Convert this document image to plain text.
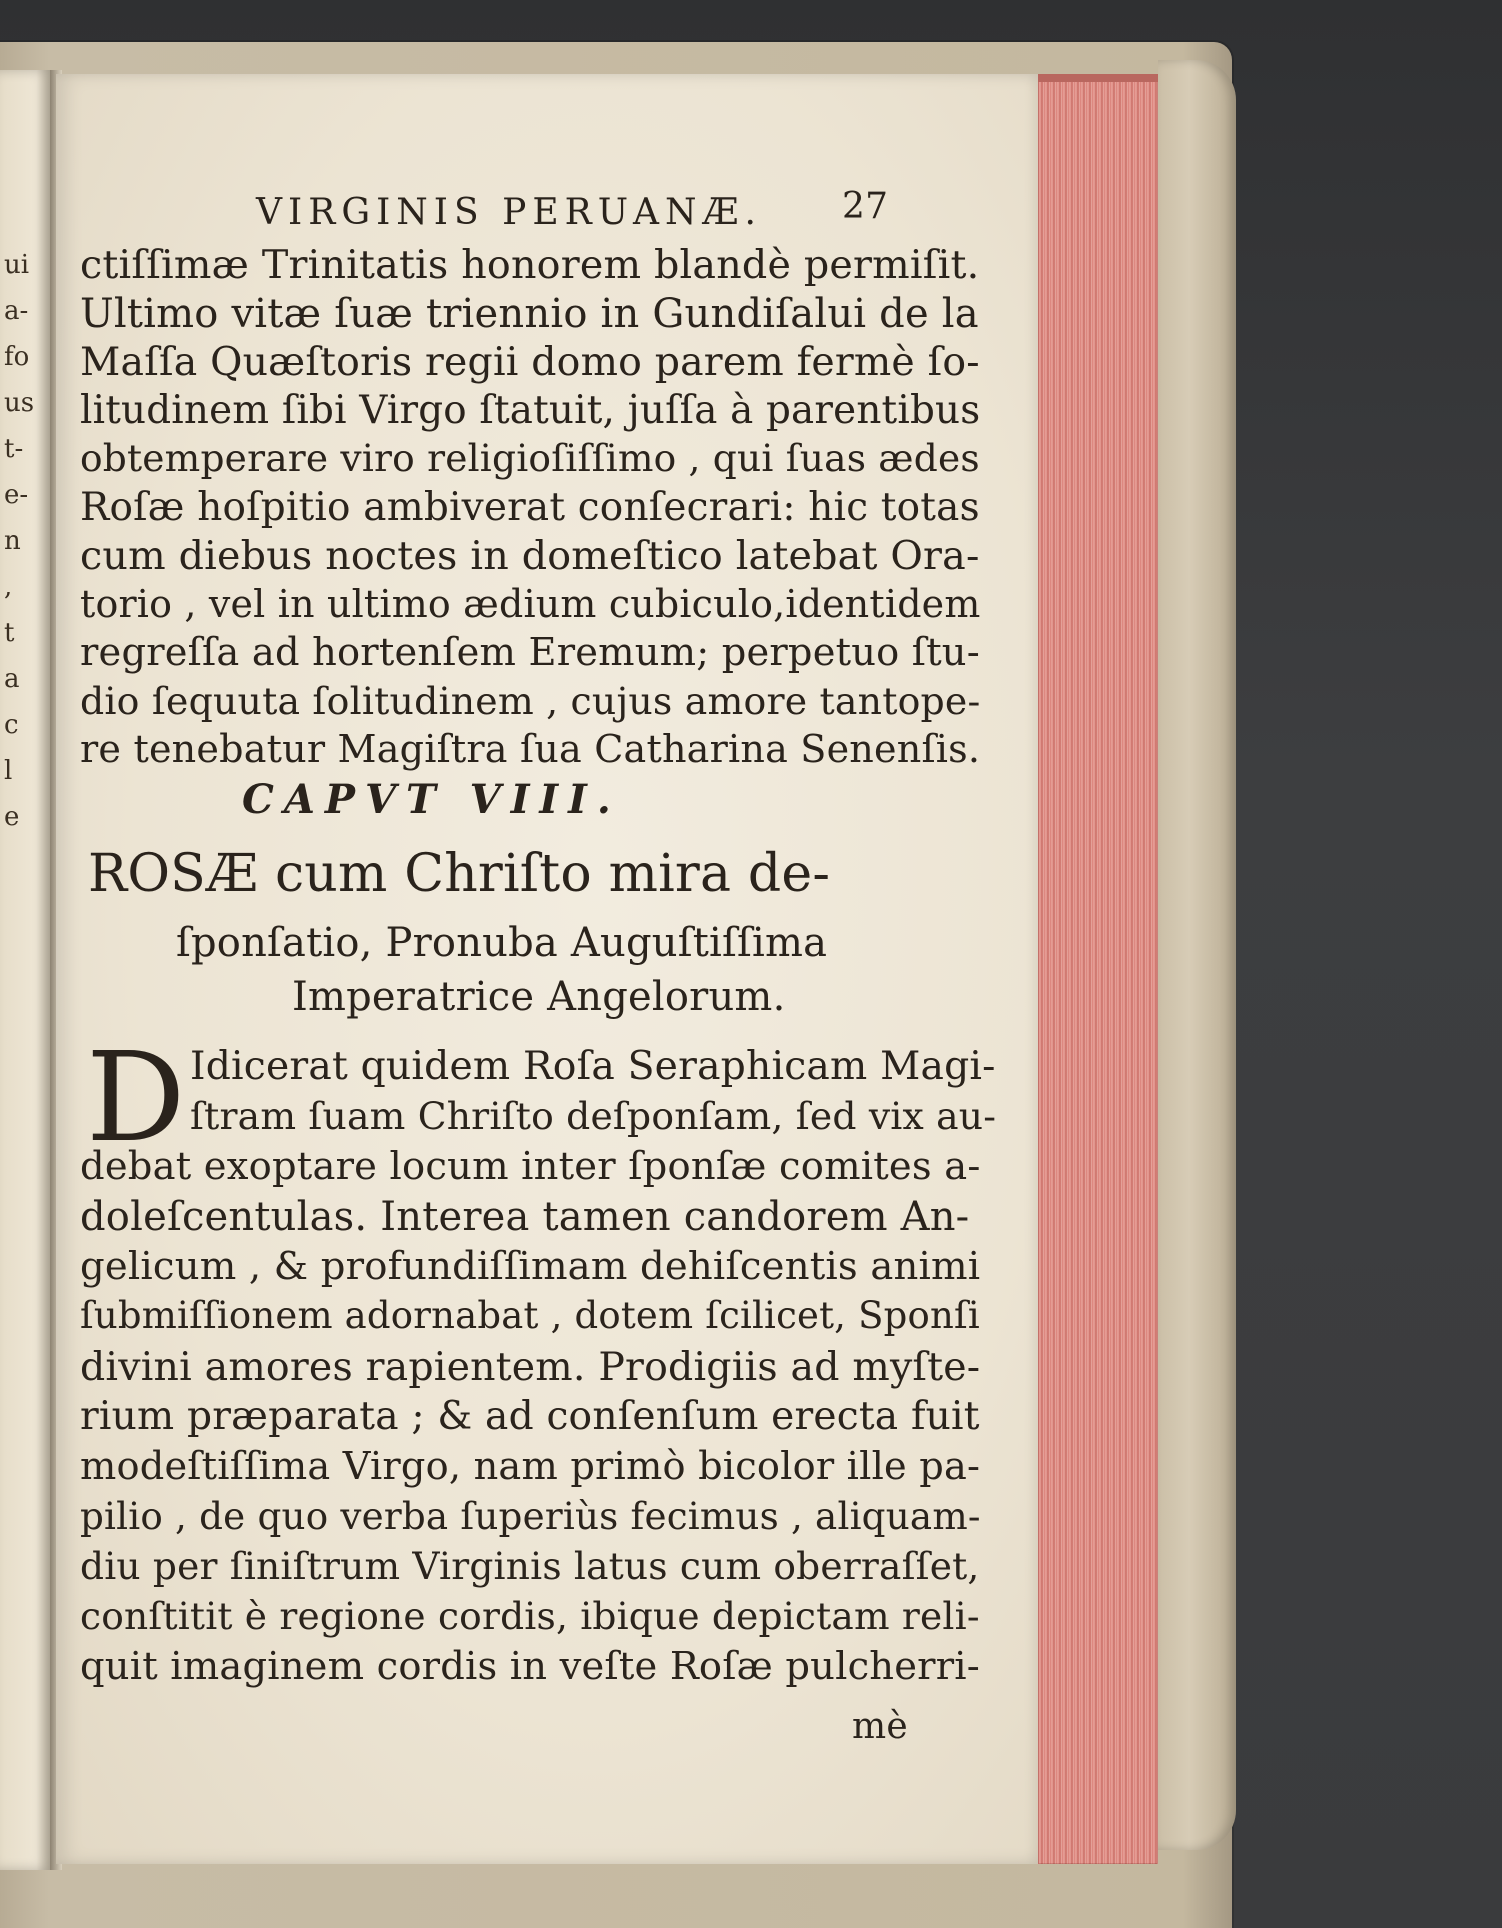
ui
a-
fo
us
t-
e-
n
,
t
a
c
l
e
VIRGINIS PERUANÆ. 27
ctiſſimæ Trinitatis honorem blandè permiſit.
Ultimo vitæ ſuæ triennio in Gundiſalui de la
Maſſa Quæſtoris regii domo parem fermè ſo-
litudinem ſibi Virgo ſtatuit, juſſa à parentibus
obtemperare viro religioſiſſimo , qui ſuas ædes
Roſæ hoſpitio ambiverat conſecrari: hic totas
cum diebus noctes in domeſtico latebat Ora-
torio , vel in ultimo ædium cubiculo,identidem
regreſſa ad hortenſem Eremum; perpetuo ſtu-
dio ſequuta ſolitudinem , cujus amore tantope-
re tenebatur Magiſtra ſua Catharina Senenſis.
CAPVT VIII.
ROSÆ cum Chriſto mira de-
ſponſatio, Pronuba Auguſtiſſima
Imperatrice Angelorum.
D Idicerat quidem Roſa Seraphicam Magi-
ſtram ſuam Chriſto deſponſam, ſed vix au-
debat exoptare locum inter ſponſæ comites a-
doleſcentulas. Interea tamen candorem An-
gelicum , & profundiſſimam dehiſcentis animi
ſubmiſſionem adornabat , dotem ſcilicet, Sponſi
divini amores rapientem. Prodigiis ad myſte-
rium præparata ; & ad conſenſum erecta fuit
modeſtiſſima Virgo, nam primò bicolor ille pa-
pilio , de quo verba ſuperiùs fecimus , aliquam-
diu per ſiniſtrum Virginis latus cum oberraſſet,
conſtitit è regione cordis, ibique depictam reli-
quit imaginem cordis in veſte Roſæ pulcherri-
mè
